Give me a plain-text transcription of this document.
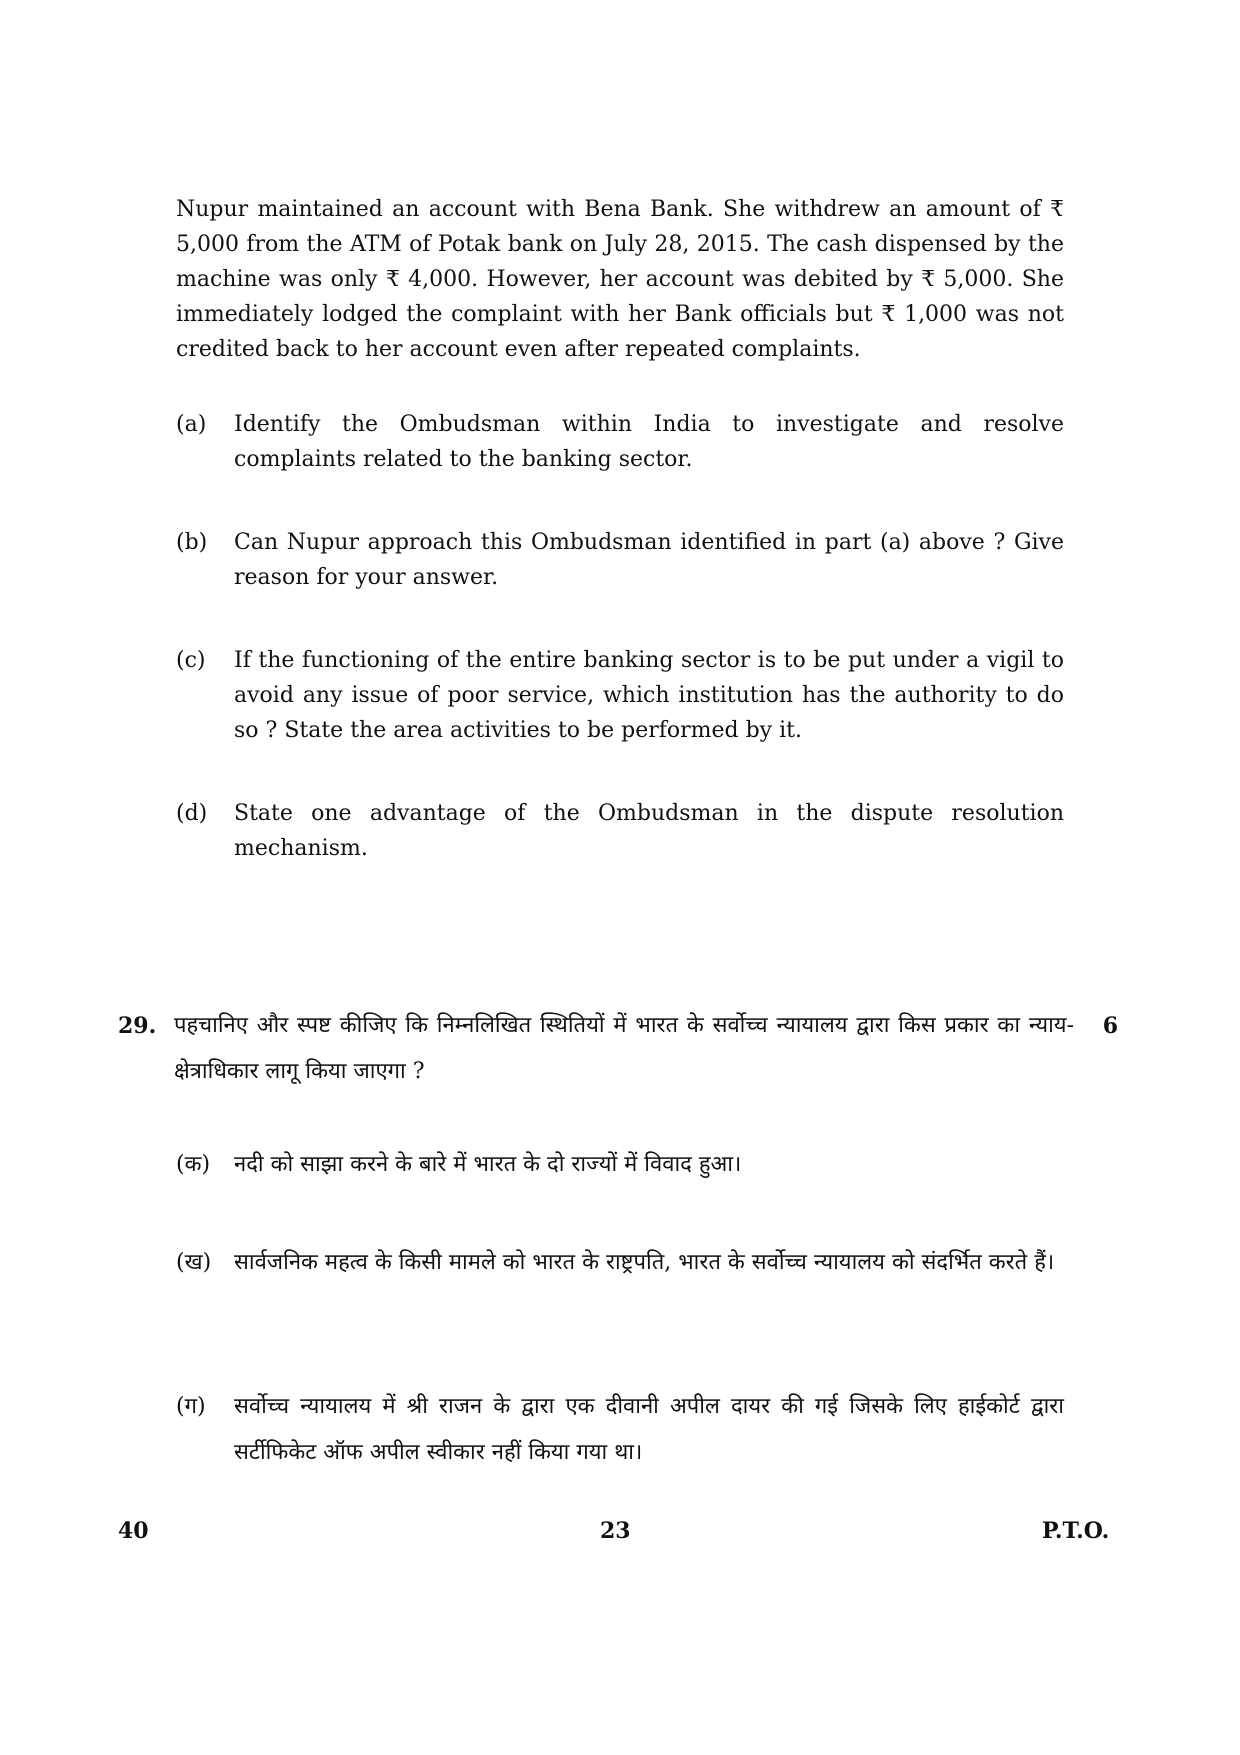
Nupur maintained an account with Bena Bank. She withdrew an amount of ₹ 5,000 from the ATM of Potak bank on July 28, 2015. The cash dispensed by the machine was only ₹ 4,000. However, her account was debited by ₹ 5,000. She immediately lodged the complaint with her Bank officials but ₹ 1,000 was not credited back to her account even after repeated complaints.
(a)	Identify the Ombudsman within India to investigate and resolve complaints related to the banking sector.
(b)	Can Nupur approach this Ombudsman identified in part (a) above ? Give reason for your answer.
(c)	If the functioning of the entire banking sector is to be put under a vigil to avoid any issue of poor service, which institution has the authority to do so ? State the area activities to be performed by it.
(d)	State one advantage of the Ombudsman in the dispute resolution mechanism.
29. पहचानिए और स्पष्ट कीजिए कि निम्नलिखित स्थितियों में भारत के सर्वोच्च न्यायालय द्वारा किस प्रकार का न्याय-क्षेत्राधिकार लागू किया जाएगा ?
6
(क) नदी को साझा करने के बारे में भारत के दो राज्यों में विवाद हुआ।
(ख) सार्वजनिक महत्व के किसी मामले को भारत के राष्ट्रपति, भारत के सर्वोच्च न्यायालय को संदर्भित करते हैं।
(ग) सर्वोच्च न्यायालय में श्री राजन के द्वारा एक दीवानी अपील दायर की गई जिसके लिए हाईकोर्ट द्वारा सर्टीफिकेट ऑफ अपील स्वीकार नहीं किया गया था।
40	23	P.T.O.
